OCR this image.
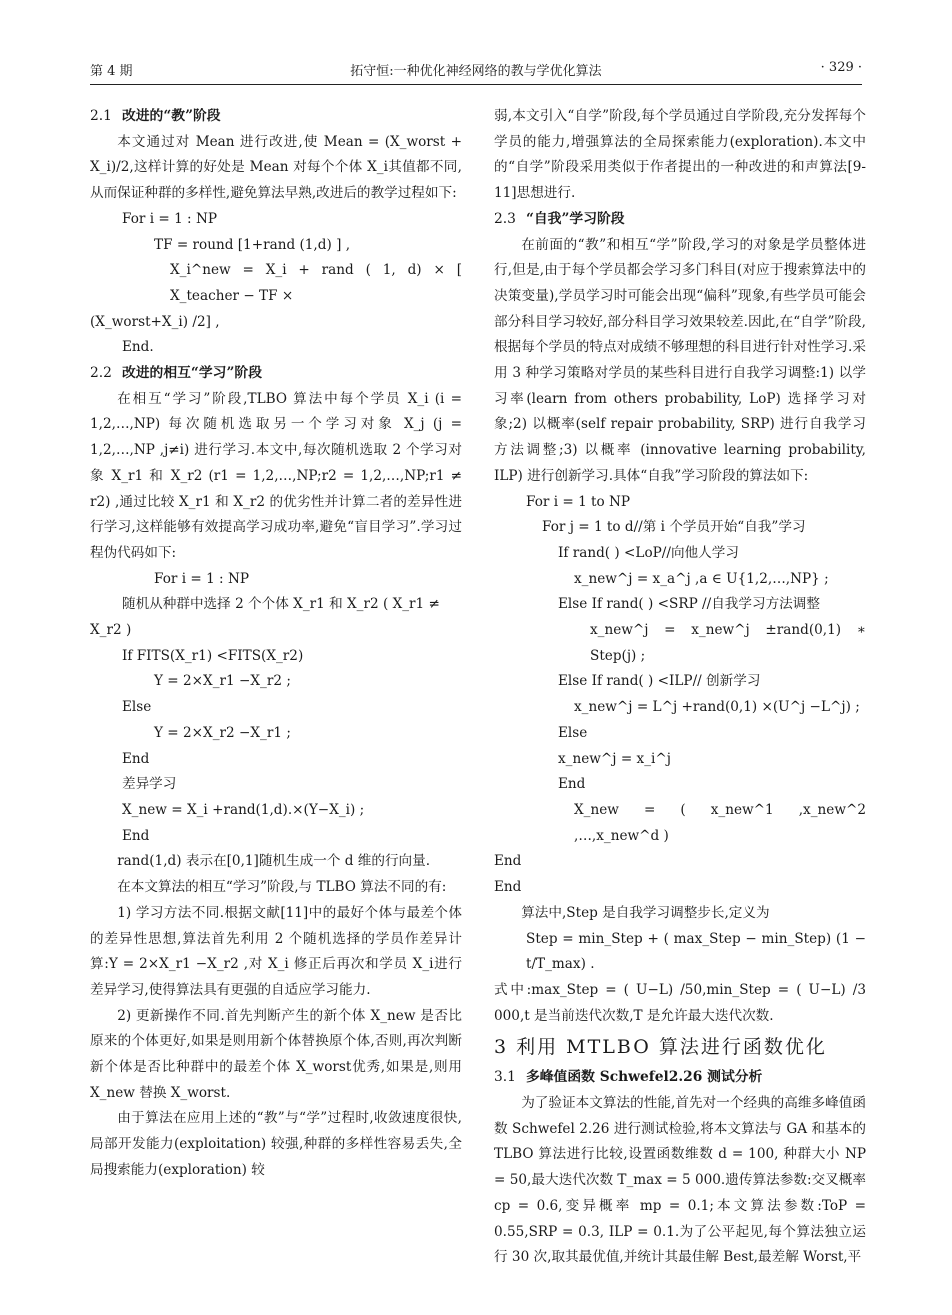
第 4 期	拓守恒:一种优化神经网络的教与学优化算法	· 329 ·

2.1 改进的“教”阶段

本文通过对 Mean 进行改进,使 Mean = (X_worst + X_i)/2,这样计算的好处是 Mean 对每个个体 X_i其值都不同,从而保证种群的多样性,避免算法早熟,改进后的教学过程如下:

For i = 1 : NP

TF = round [1+rand (1,d) ] ,

X_i^new = X_i + rand ( 1, d) × [ X_teacher − TF ×

(X_worst+X_i) /2] ,

End.

2.2 改进的相互“学习”阶段

在相互“学习”阶段,TLBO 算法中每个学员 X_i (i = 1,2,…,NP) 每次随机选取另一个学习对象 X_j (j = 1,2,…,NP ,j≠i) 进行学习.本文中,每次随机选取 2 个学习对象 X_r1 和 X_r2 (r1 = 1,2,…,NP;r2 = 1,2,…,NP;r1 ≠ r2) ,通过比较 X_r1 和 X_r2 的优劣性并计算二者的差异性进行学习,这样能够有效提高学习成功率,避免“盲目学习”.学习过程伪代码如下:

For i = 1 : NP

随机从种群中选择 2 个个体 X_r1 和 X_r2 ( X_r1 ≠

X_r2 )

If FITS(X_r1) <FITS(X_r2)

Y = 2×X_r1 −X_r2 ;

Else

Y = 2×X_r2 −X_r1 ;

End

差异学习

X_new = X_i +rand(1,d).×(Y−X_i) ;

End

rand(1,d) 表示在[0,1]随机生成一个 d 维的行向量.

在本文算法的相互“学习”阶段,与 TLBO 算法不同的有:

1) 学习方法不同.根据文献[11]中的最好个体与最差个体的差异性思想,算法首先利用 2 个随机选择的学员作差异计算:Y = 2×X_r1 −X_r2 ,对 X_i 修正后再次和学员 X_i进行差异学习,使得算法具有更强的自适应学习能力.

2) 更新操作不同.首先判断产生的新个体 X_new 是否比原来的个体更好,如果是则用新个体替换原个体,否则,再次判断新个体是否比种群中的最差个体 X_worst优秀,如果是,则用 X_new 替换 X_worst.

由于算法在应用上述的“教”与“学”过程时,收敛速度很快,局部开发能力(exploitation) 较强,种群的多样性容易丢失,全局搜索能力(exploration) 较

弱,本文引入“自学”阶段,每个学员通过自学阶段,充分发挥每个学员的能力,增强算法的全局探索能力(exploration).本文中的“自学”阶段采用类似于作者提出的一种改进的和声算法[9-11]思想进行.

2.3 “自我”学习阶段

在前面的“教”和相互“学”阶段,学习的对象是学员整体进行,但是,由于每个学员都会学习多门科目(对应于搜索算法中的决策变量),学员学习时可能会出现“偏科”现象,有些学员可能会部分科目学习较好,部分科目学习效果较差.因此,在“自学”阶段,根据每个学员的特点对成绩不够理想的科目进行针对性学习.采用 3 种学习策略对学员的某些科目进行自我学习调整:1) 以学习率(learn from others probability, LoP) 选择学习对象;2) 以概率(self repair probability, SRP) 进行自我学习方法调整;3) 以概率 (innovative learning probability, ILP) 进行创新学习.具体“自我”学习阶段的算法如下:

For i = 1 to NP

For j = 1 to d//第 i 个学员开始“自我”学习

If rand( ) <LoP//向他人学习

x_new^j = x_a^j ,a ∈ U{1,2,…,NP} ;

Else If rand( ) <SRP //自我学习方法调整

x_new^j = x_new^j ±rand(0,1) ∗ Step(j) ;

Else If rand( ) <ILP// 创新学习

x_new^j = L^j +rand(0,1) ×(U^j −L^j) ;

Else

x_new^j = x_i^j

End

X_new = ( x_new^1 ,x_new^2 ,…,x_new^d )

End

End

算法中,Step 是自我学习调整步长,定义为

Step = min_Step + ( max_Step − min_Step) (1 − t/T_max) .

式中:max_Step = ( U−L) /50,min_Step = ( U−L) /3 000,t 是当前迭代次数,T 是允许最大迭代次数.

3 利用 MTLBO 算法进行函数优化

3.1 多峰值函数 Schwefel2.26 测试分析

为了验证本文算法的性能,首先对一个经典的高维多峰值函数 Schwefel 2.26 进行测试检验,将本文算法与 GA 和基本的 TLBO 算法进行比较,设置函数维数 d = 100, 种群大小 NP = 50,最大迭代次数 T_max = 5 000.遗传算法参数:交叉概率 cp = 0.6,变异概率 mp = 0.1;本文算法参数:ToP = 0.55,SRP = 0.3, ILP = 0.1.为了公平起见,每个算法独立运行 30 次,取其最优值,并统计其最佳解 Best,最差解 Worst,平
